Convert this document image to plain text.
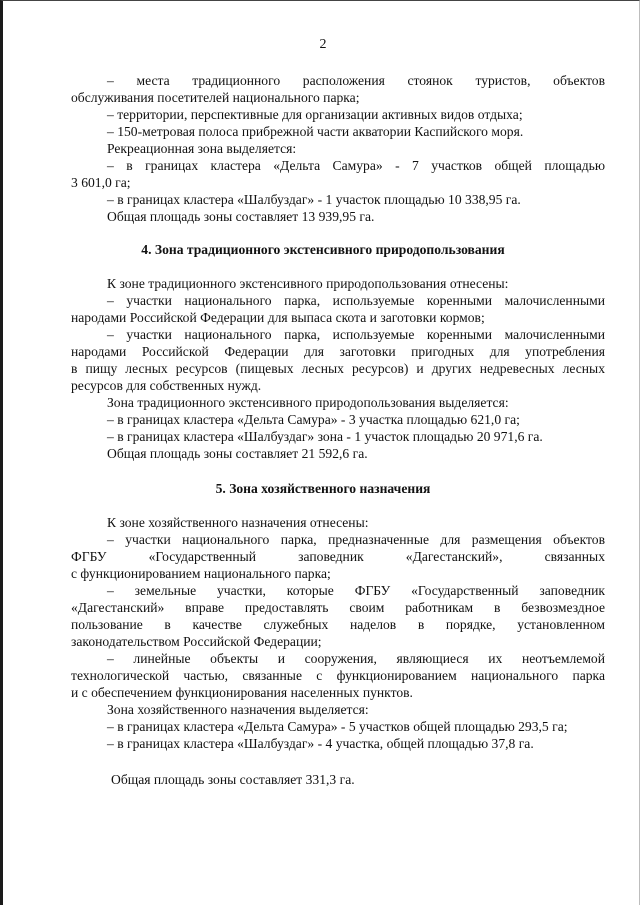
2
– места традиционного расположения стоянок туристов, объектов
обслуживания посетителей национального парка;
– территории, перспективные для организации активных видов отдыха;
– 150-метровая полоса прибрежной части акватории Каспийского моря.
Рекреационная зона выделяется:
– в границах кластера «Дельта Самура» - 7 участков общей площадью
3 601,0 га;
– в границах кластера «Шалбуздаг» - 1 участок площадью 10 338,95 га.
Общая площадь зоны составляет 13 939,95 га.
4. Зона традиционного экстенсивного природопользования
К зоне традиционного экстенсивного природопользования отнесены:
– участки национального парка, используемые коренными малочисленными
народами Российской Федерации для выпаса скота и заготовки кормов;
– участки национального парка, используемые коренными малочисленными
народами Российской Федерации для заготовки пригодных для употребления
в пищу лесных ресурсов (пищевых лесных ресурсов) и других недревесных лесных
ресурсов для собственных нужд.
Зона традиционного экстенсивного природопользования выделяется:
– в границах кластера «Дельта Самура» - 3 участка площадью 621,0 га;
– в границах кластера «Шалбуздаг» зона - 1 участок площадью 20 971,6 га.
Общая площадь зоны составляет 21 592,6 га.
5. Зона хозяйственного назначения
К зоне хозяйственного назначения отнесены:
– участки национального парка, предназначенные для размещения объектов
ФГБУ «Государственный заповедник «Дагестанский», связанных
с функционированием национального парка;
– земельные участки, которые ФГБУ «Государственный заповедник
«Дагестанский» вправе предоставлять своим работникам в безвозмездное
пользование в качестве служебных наделов в порядке, установленном
законодательством Российской Федерации;
– линейные объекты и сооружения, являющиеся их неотъемлемой
технологической частью, связанные с функционированием национального парка
и с обеспечением функционирования населенных пунктов.
Зона хозяйственного назначения выделяется:
– в границах кластера «Дельта Самура» - 5 участков общей площадью 293,5 га;
– в границах кластера «Шалбуздаг» - 4 участка, общей площадью 37,8 га.
Общая площадь зоны составляет 331,3 га.
